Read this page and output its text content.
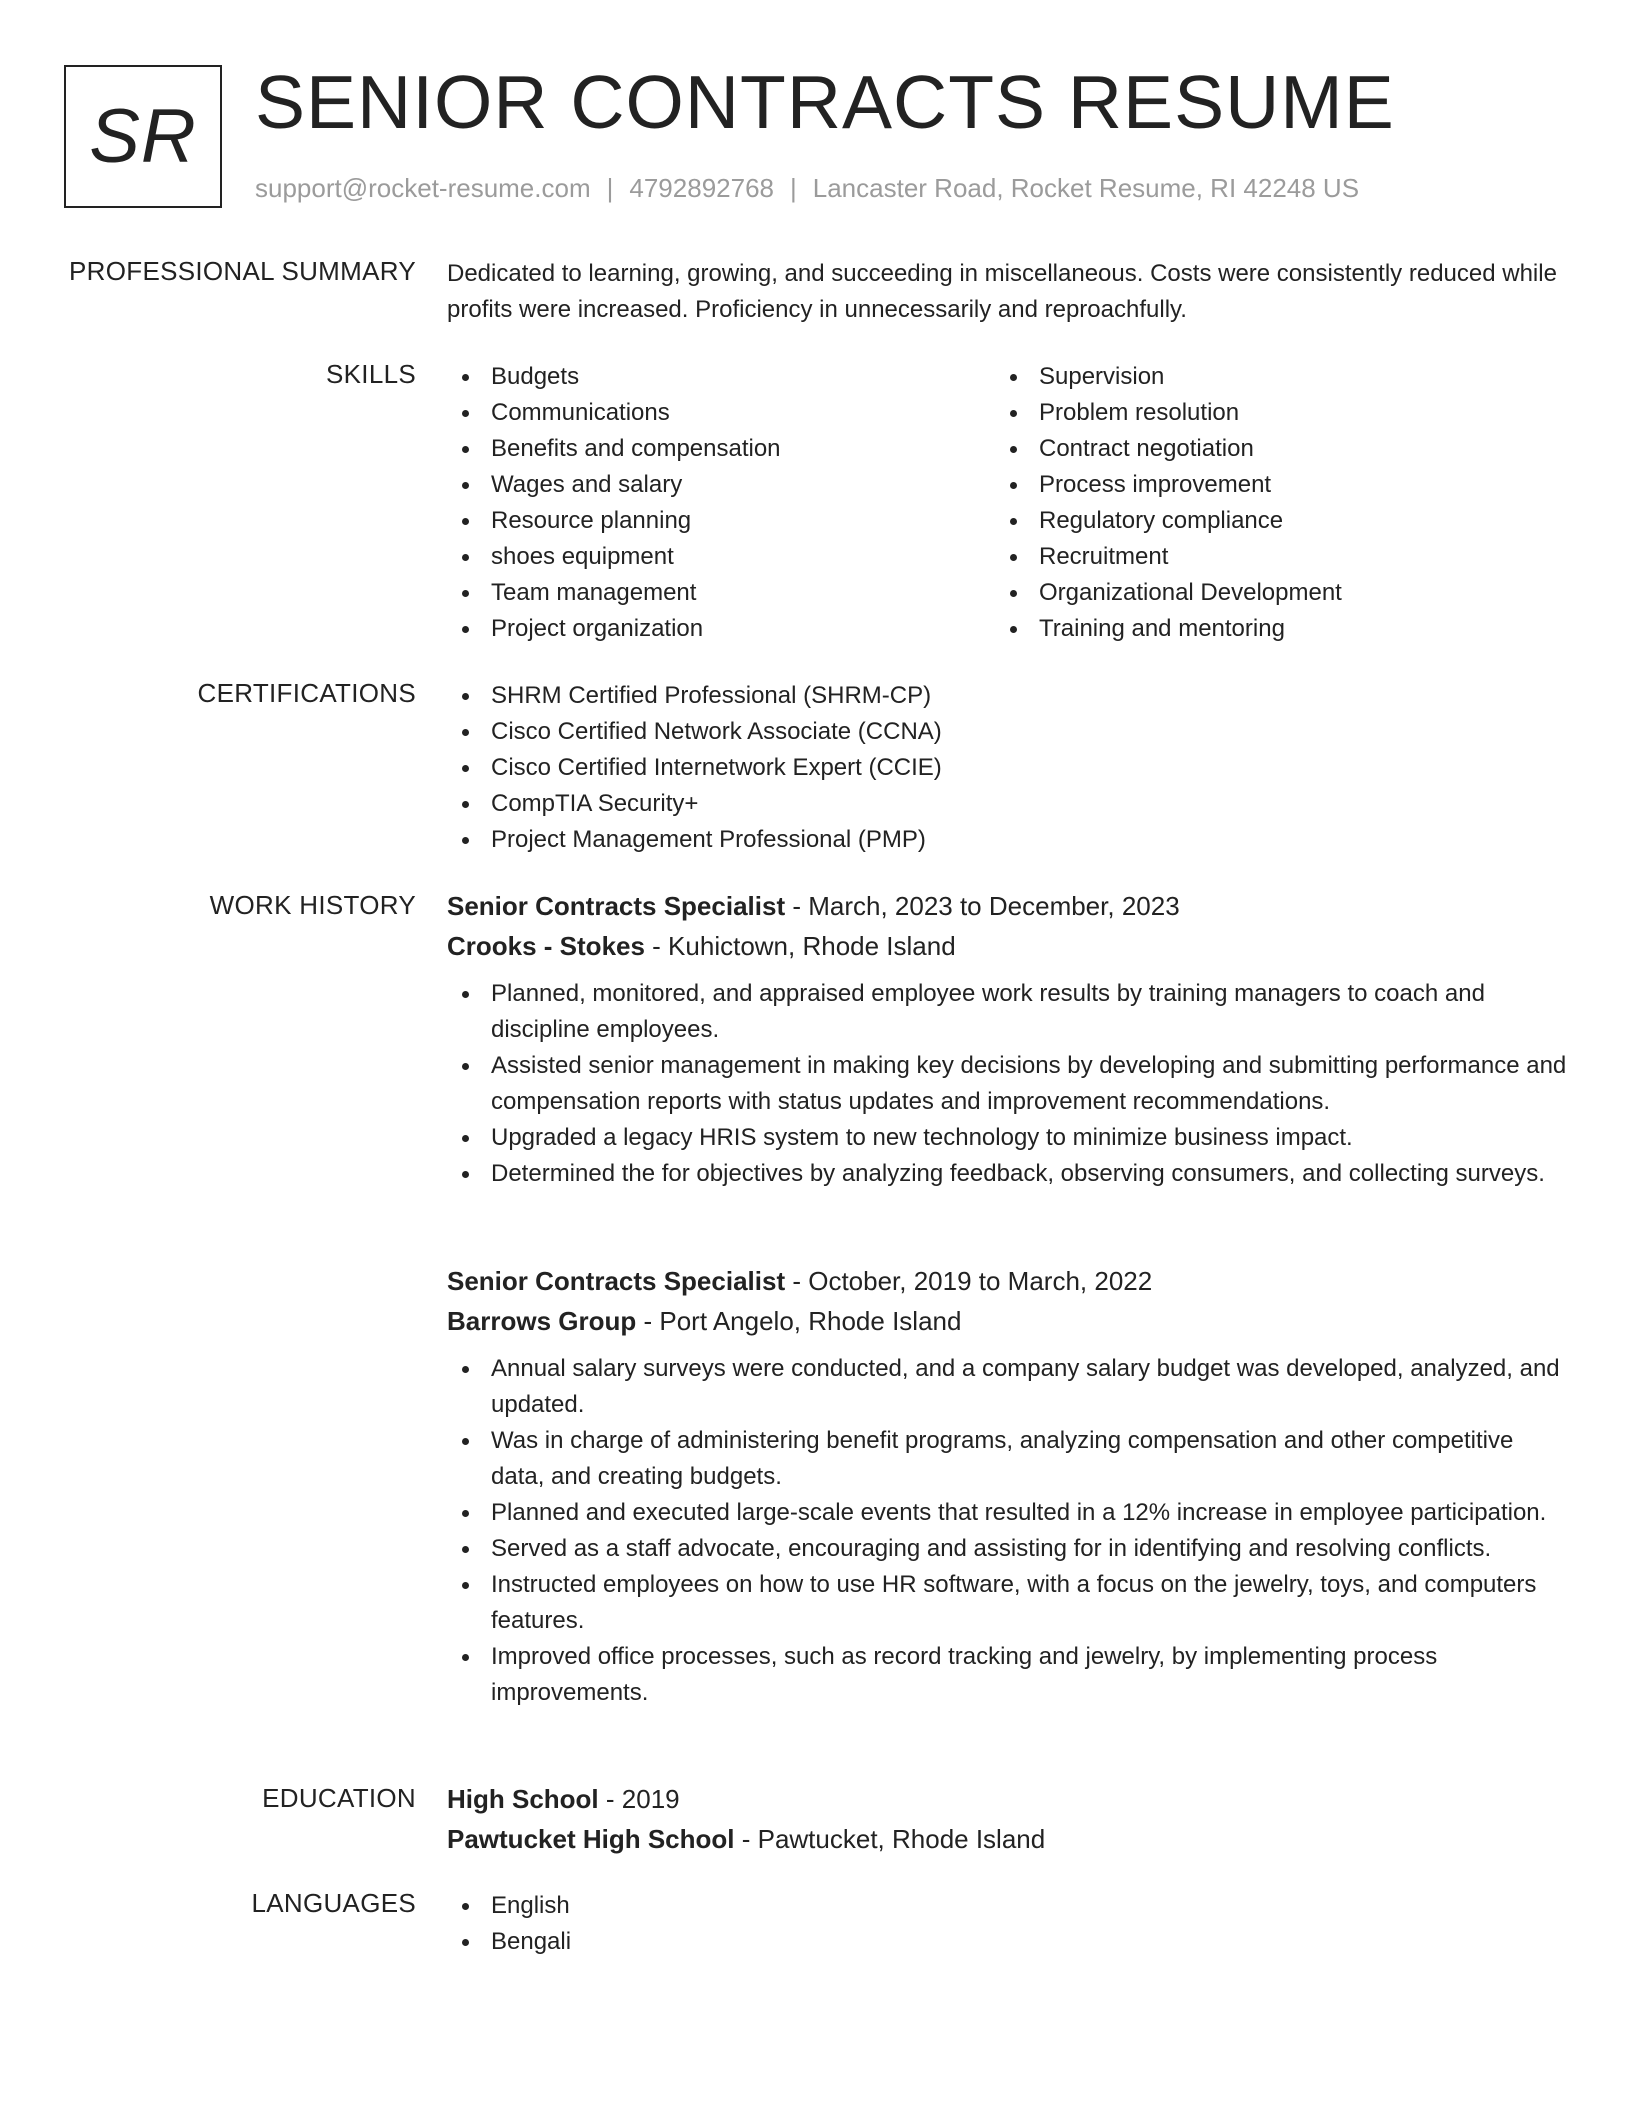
SR SENIOR CONTRACTS RESUME
support@rocket-resume.com | 4792892768 | Lancaster Road, Rocket Resume, RI 42248 US
PROFESSIONAL SUMMARY Dedicated to learning, growing, and succeeding in miscellaneous. Costs were consistently reduced while profits were increased. Proficiency in unnecessarily and reproachfully.
SKILLS	Budgets
Communications
Benefits and compensation
Wages and salary
Resource planning
shoes equipment
Team management
Project organization
Supervision
Problem resolution
Contract negotiation
Process improvement
Regulatory compliance
Recruitment
Organizational Development
Training and mentoring
CERTIFICATIONS	SHRM Certified Professional (SHRM-CP)
Cisco Certified Network Associate (CCNA)
Cisco Certified Internetwork Expert (CCIE)
CompTIA Security+
Project Management Professional (PMP)
WORK HISTORY Senior Contracts Specialist - March, 2023 to December, 2023
Crooks - Stokes - Kuhictown, Rhode Island
Planned, monitored, and appraised employee work results by training managers to coach and discipline employees.
Assisted senior management in making key decisions by developing and submitting performance and compensation reports with status updates and improvement recommendations.
Upgraded a legacy HRIS system to new technology to minimize business impact.
Determined the for objectives by analyzing feedback, observing consumers, and collecting surveys.
Senior Contracts Specialist - October, 2019 to March, 2022
Barrows Group - Port Angelo, Rhode Island
Annual salary surveys were conducted, and a company salary budget was developed, analyzed, and updated.
Was in charge of administering benefit programs, analyzing compensation and other competitive data, and creating budgets.
Planned and executed large-scale events that resulted in a 12% increase in employee participation.
Served as a staff advocate, encouraging and assisting for in identifying and resolving conflicts.
Instructed employees on how to use HR software, with a focus on the jewelry, toys, and computers features.
Improved office processes, such as record tracking and jewelry, by implementing process improvements.
EDUCATION High School - 2019
Pawtucket High School - Pawtucket, Rhode Island
LANGUAGES	English
Bengali
